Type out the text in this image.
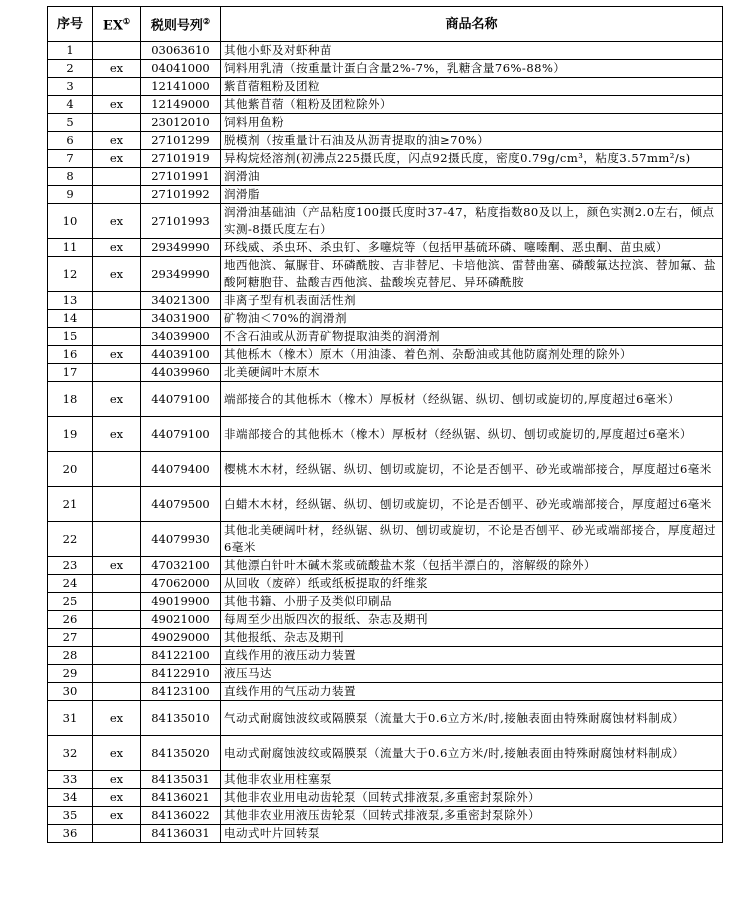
序号	EX①	税则号列②	商品名称
1		03063610	其他小虾及对虾种苗
2	ex	04041000	饲料用乳清（按重量计蛋白含量2%-7%，乳糖含量76%-88%）
3		12141000	紫苜蓿粗粉及团粒
4	ex	12149000	其他紫苜蓿（粗粉及团粒除外）
5		23012010	饲料用鱼粉
6	ex	27101299	脱模剂（按重量计石油及从沥青提取的油≥70%）
7	ex	27101919	异构烷烃溶剂(初沸点225摄氏度，闪点92摄氏度，密度0.79g/cm³，粘度3.57mm²/s)
8		27101991	润滑油
9		27101992	润滑脂
10	ex	27101993	润滑油基础油（产品粘度100摄氏度时37-47，粘度指数80及以上，颜色实测2.0左右，倾点实测-8摄氏度左右）
11	ex	29349990	环线威、杀虫环、杀虫钉、多噻烷等（包括甲基硫环磷、噻嗪酮、恶虫酮、苗虫威）
12	ex	29349990	地西他滨、氟脲苷、环磷酰胺、吉非替尼、卡培他滨、雷替曲塞、磷酸氟达拉滨、替加氟、盐酸阿糖胞苷、盐酸吉西他滨、盐酸埃克替尼、异环磷酰胺
13		34021300	非离子型有机表面活性剂
14		34031900	矿物油＜70%的润滑剂
15		34039900	不含石油或从沥青矿物提取油类的润滑剂
16	ex	44039100	其他栎木（橡木）原木（用油漆、着色剂、杂酚油或其他防腐剂处理的除外）
17		44039960	北美硬阔叶木原木
18	ex	44079100	端部接合的其他栎木（橡木）厚板材（经纵锯、纵切、刨切或旋切的,厚度超过6毫米）
19	ex	44079100	非端部接合的其他栎木（橡木）厚板材（经纵锯、纵切、刨切或旋切的,厚度超过6毫米）
20		44079400	樱桃木木材，经纵锯、纵切、刨切或旋切，不论是否刨平、砂光或端部接合，厚度超过6毫米
21		44079500	白蜡木木材，经纵锯、纵切、刨切或旋切，不论是否刨平、砂光或端部接合，厚度超过6毫米
22		44079930	其他北美硬阔叶材，经纵锯、纵切、刨切或旋切，不论是否刨平、砂光或端部接合，厚度超过6毫米
23	ex	47032100	其他漂白针叶木碱木浆或硫酸盐木浆（包括半漂白的，溶解级的除外）
24		47062000	从回收（废碎）纸或纸板提取的纤维浆
25		49019900	其他书籍、小册子及类似印刷品
26		49021000	每周至少出版四次的报纸、杂志及期刊
27		49029000	其他报纸、杂志及期刊
28		84122100	直线作用的液压动力装置
29		84122910	液压马达
30		84123100	直线作用的气压动力装置
31	ex	84135010	气动式耐腐蚀波纹或隔膜泵（流量大于0.6立方米/时,接触表面由特殊耐腐蚀材料制成）
32	ex	84135020	电动式耐腐蚀波纹或隔膜泵（流量大于0.6立方米/时,接触表面由特殊耐腐蚀材料制成）
33	ex	84135031	其他非农业用柱塞泵
34	ex	84136021	其他非农业用电动齿轮泵（回转式排液泵,多重密封泵除外）
35	ex	84136022	其他非农业用液压齿轮泵（回转式排液泵,多重密封泵除外）
36		84136031	电动式叶片回转泵
